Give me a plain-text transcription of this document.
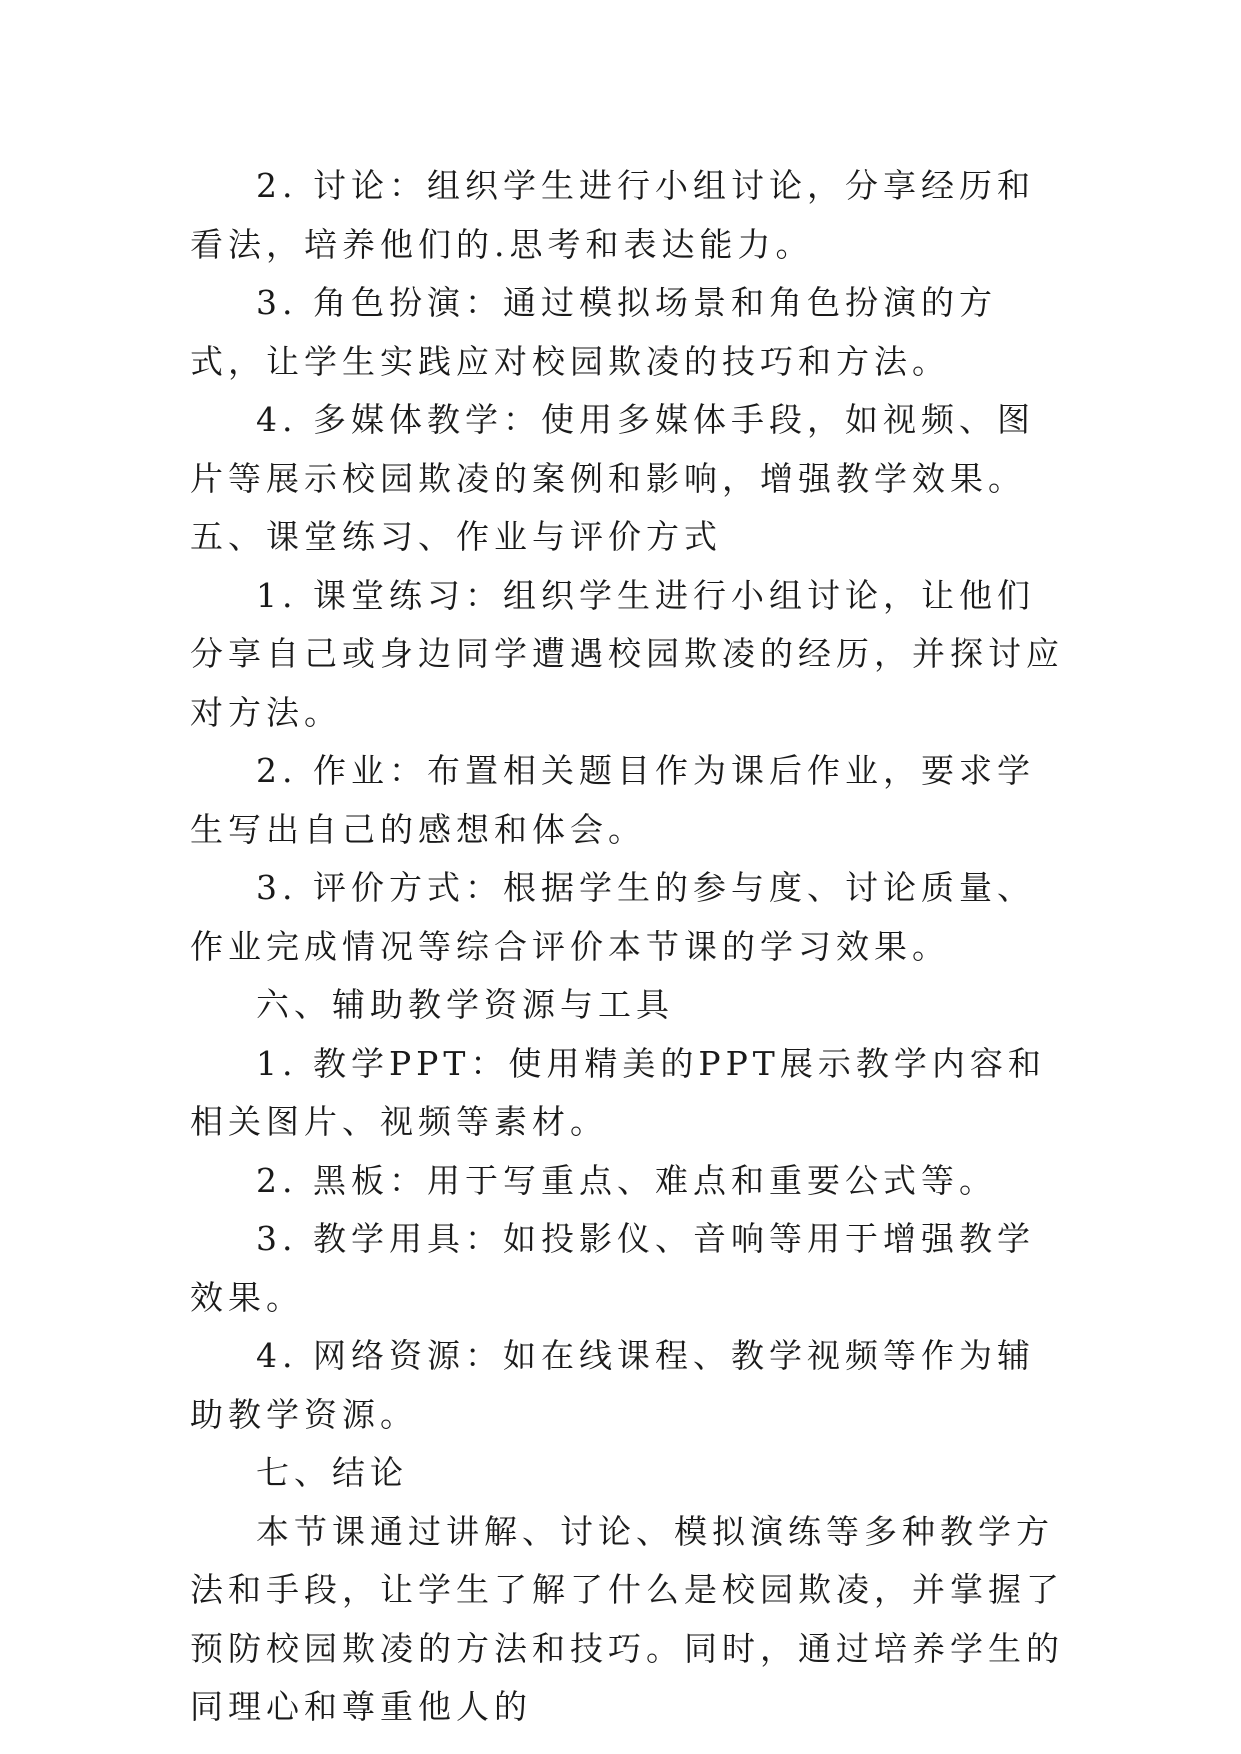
2. 讨论：组织学生进行小组讨论，分享经历和看法，培养他们的.思考和表达能力。

3. 角色扮演：通过模拟场景和角色扮演的方式，让学生实践应对校园欺凌的技巧和方法。

4. 多媒体教学：使用多媒体手段，如视频、图片等展示校园欺凌的案例和影响，增强教学效果。 五、课堂练习、作业与评价方式

1. 课堂练习：组织学生进行小组讨论，让他们分享自己或身边同学遭遇校园欺凌的经历，并探讨应对方法。

2. 作业：布置相关题目作为课后作业，要求学生写出自己的感想和体会。

3. 评价方式：根据学生的参与度、讨论质量、作业完成情况等综合评价本节课的学习效果。

六、辅助教学资源与工具

1. 教学PPT：使用精美的PPT展示教学内容和相关图片、视频等素材。

2. 黑板：用于写重点、难点和重要公式等。

3. 教学用具：如投影仪、音响等用于增强教学效果。

4. 网络资源：如在线课程、教学视频等作为辅助教学资源。

七、结论

本节课通过讲解、讨论、模拟演练等多种教学方法和手段，让学生了解了什么是校园欺凌，并掌握了预防校园欺凌的方法和技巧。同时，通过培养学生的同理心和尊重他人的
